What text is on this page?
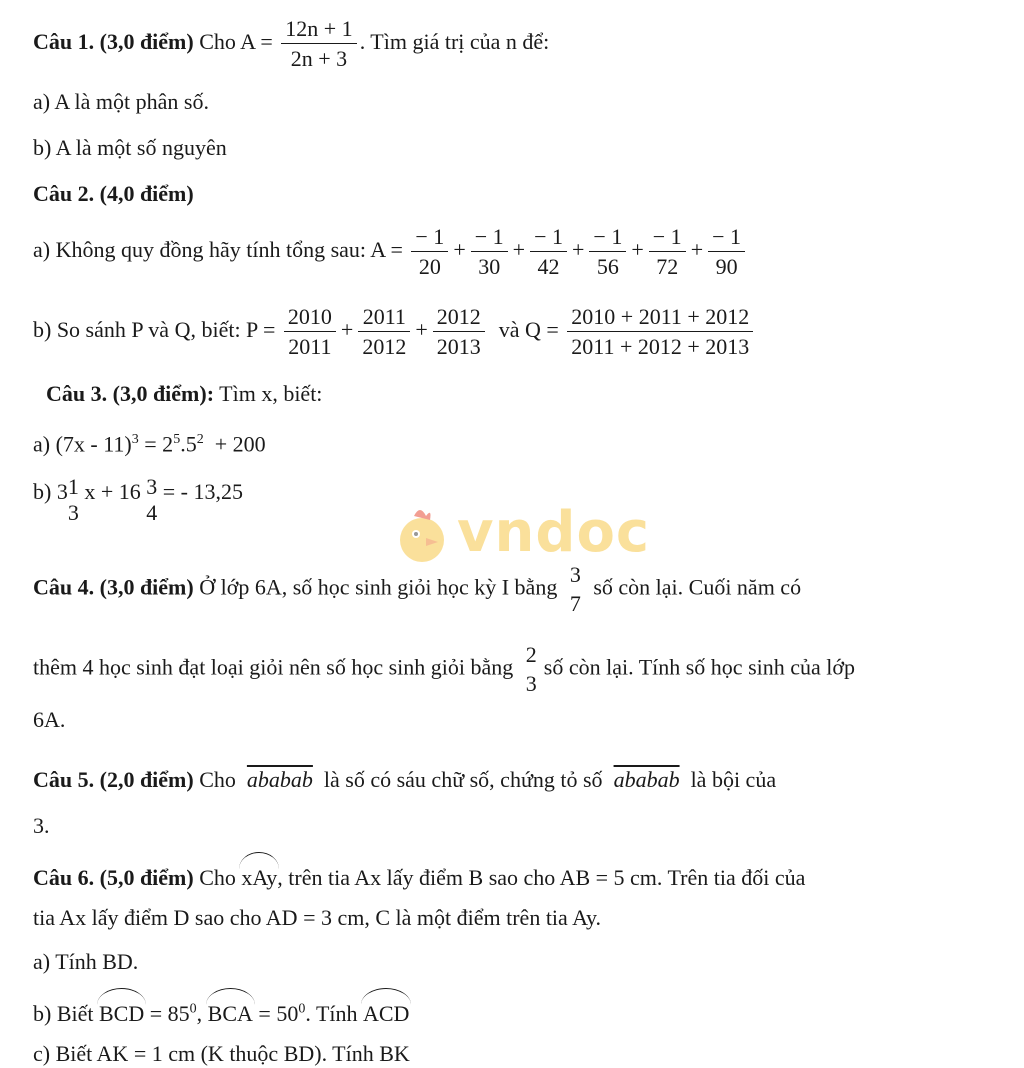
vndoc
Câu 1. (3,0 điểm) Cho $A = \frac{12n + 1}{2n + 3}$ . Tìm giá trị của n để:
a) A là một phân số.
b) A là một số nguyên
Câu 2. (4,0 điểm)
a) Không quy đồng hãy tính tổng sau: $A = \frac{- 1}{20} + \frac{- 1}{30} + \frac{- 1}{42} + \frac{- 1}{56} + \frac{- 1}{72} + \frac{- 1}{90}$
b) So sánh P và Q, biết: $P = \frac{2010}{2011} + \frac{2011}{2012} + \frac{2012}{2013}$ và $Q = \frac{2010 + 2011 + 2012}{2011 + 2012 + 2013}$
Câu 3. (3,0 điểm): Tìm x, biết:
a) $(7x - 11)^3 = 2^5.5^2 + 200$
b) 3 1
3
x + 16 3
4
= - 13,25
Câu 4. (3,0 điểm) Ở lớp 6A, số học sinh giỏi học kỳ I bằng 3
7
số còn lại. Cuối năm có
thêm 4 học sinh đạt loại giỏi nên số học sinh giỏi bằng 2
3
số còn lại. Tính số học sinh của lớp
6A.
Câu 5. (2,0 điểm) Cho ababab là số có sáu chữ số, chứng tỏ số ababab là bội của
3.
Câu 6. (5,0 điểm) Cho xAy, trên tia Ax lấy điểm B sao cho AB = 5 cm. Trên tia đối của
tia Ax lấy điểm D sao cho AD = 3 cm, C là một điểm trên tia Ay.
a) Tính BD.
b) Biết BCD = $85^0$, BCA = $50^0$. Tính ACD
c) Biết AK = 1 cm (K thuộc BD). Tính BK
